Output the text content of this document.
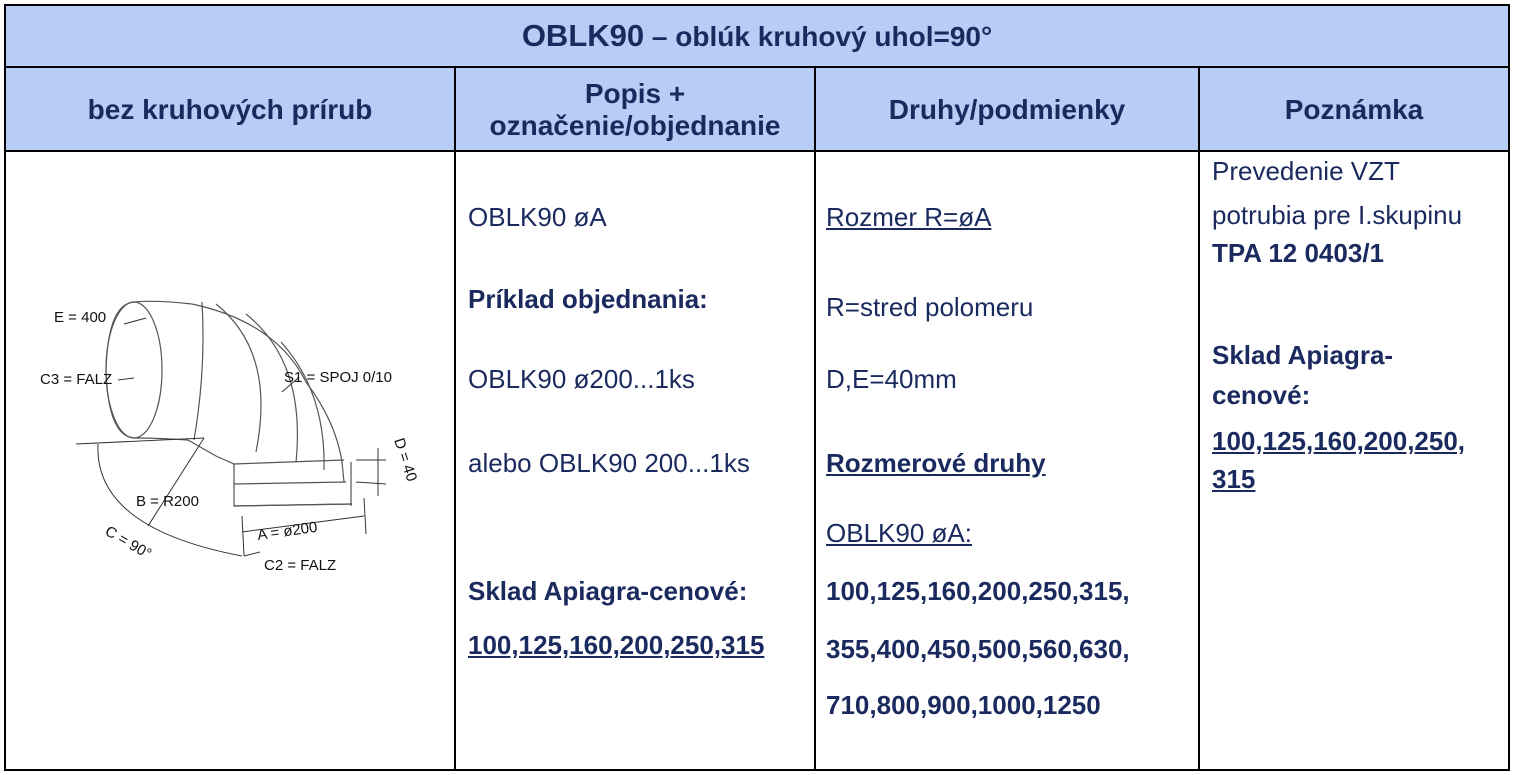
OBLK90 – oblúk kruhový uhol=90°
bez kruhových prírub
Popis +
označenie/objednanie
Druhy/podmienky	Poznámka
E = 400
C3 = FALZ	S1 = SPOJ 0/10
D = 40
B = R200
A = ø200
C = 90°
C2 = FALZ
OBLK90 øA
Príklad objednania:
OBLK90 ø200...1ks
alebo OBLK90 200...1ks
Sklad Apiagra-cenové:
100,125,160,200,250,315
Rozmer R=øA
R=stred polomeru
D,E=40mm
Rozmerové druhy
OBLK90 øA:
100,125,160,200,250,315,
355,400,450,500,560,630,
710,800,900,1000,1250
Prevedenie VZT
potrubia pre I.skupinu
TPA 12 0403/1
Sklad Apiagra-
cenové:
100,125,160,200,250,
315
